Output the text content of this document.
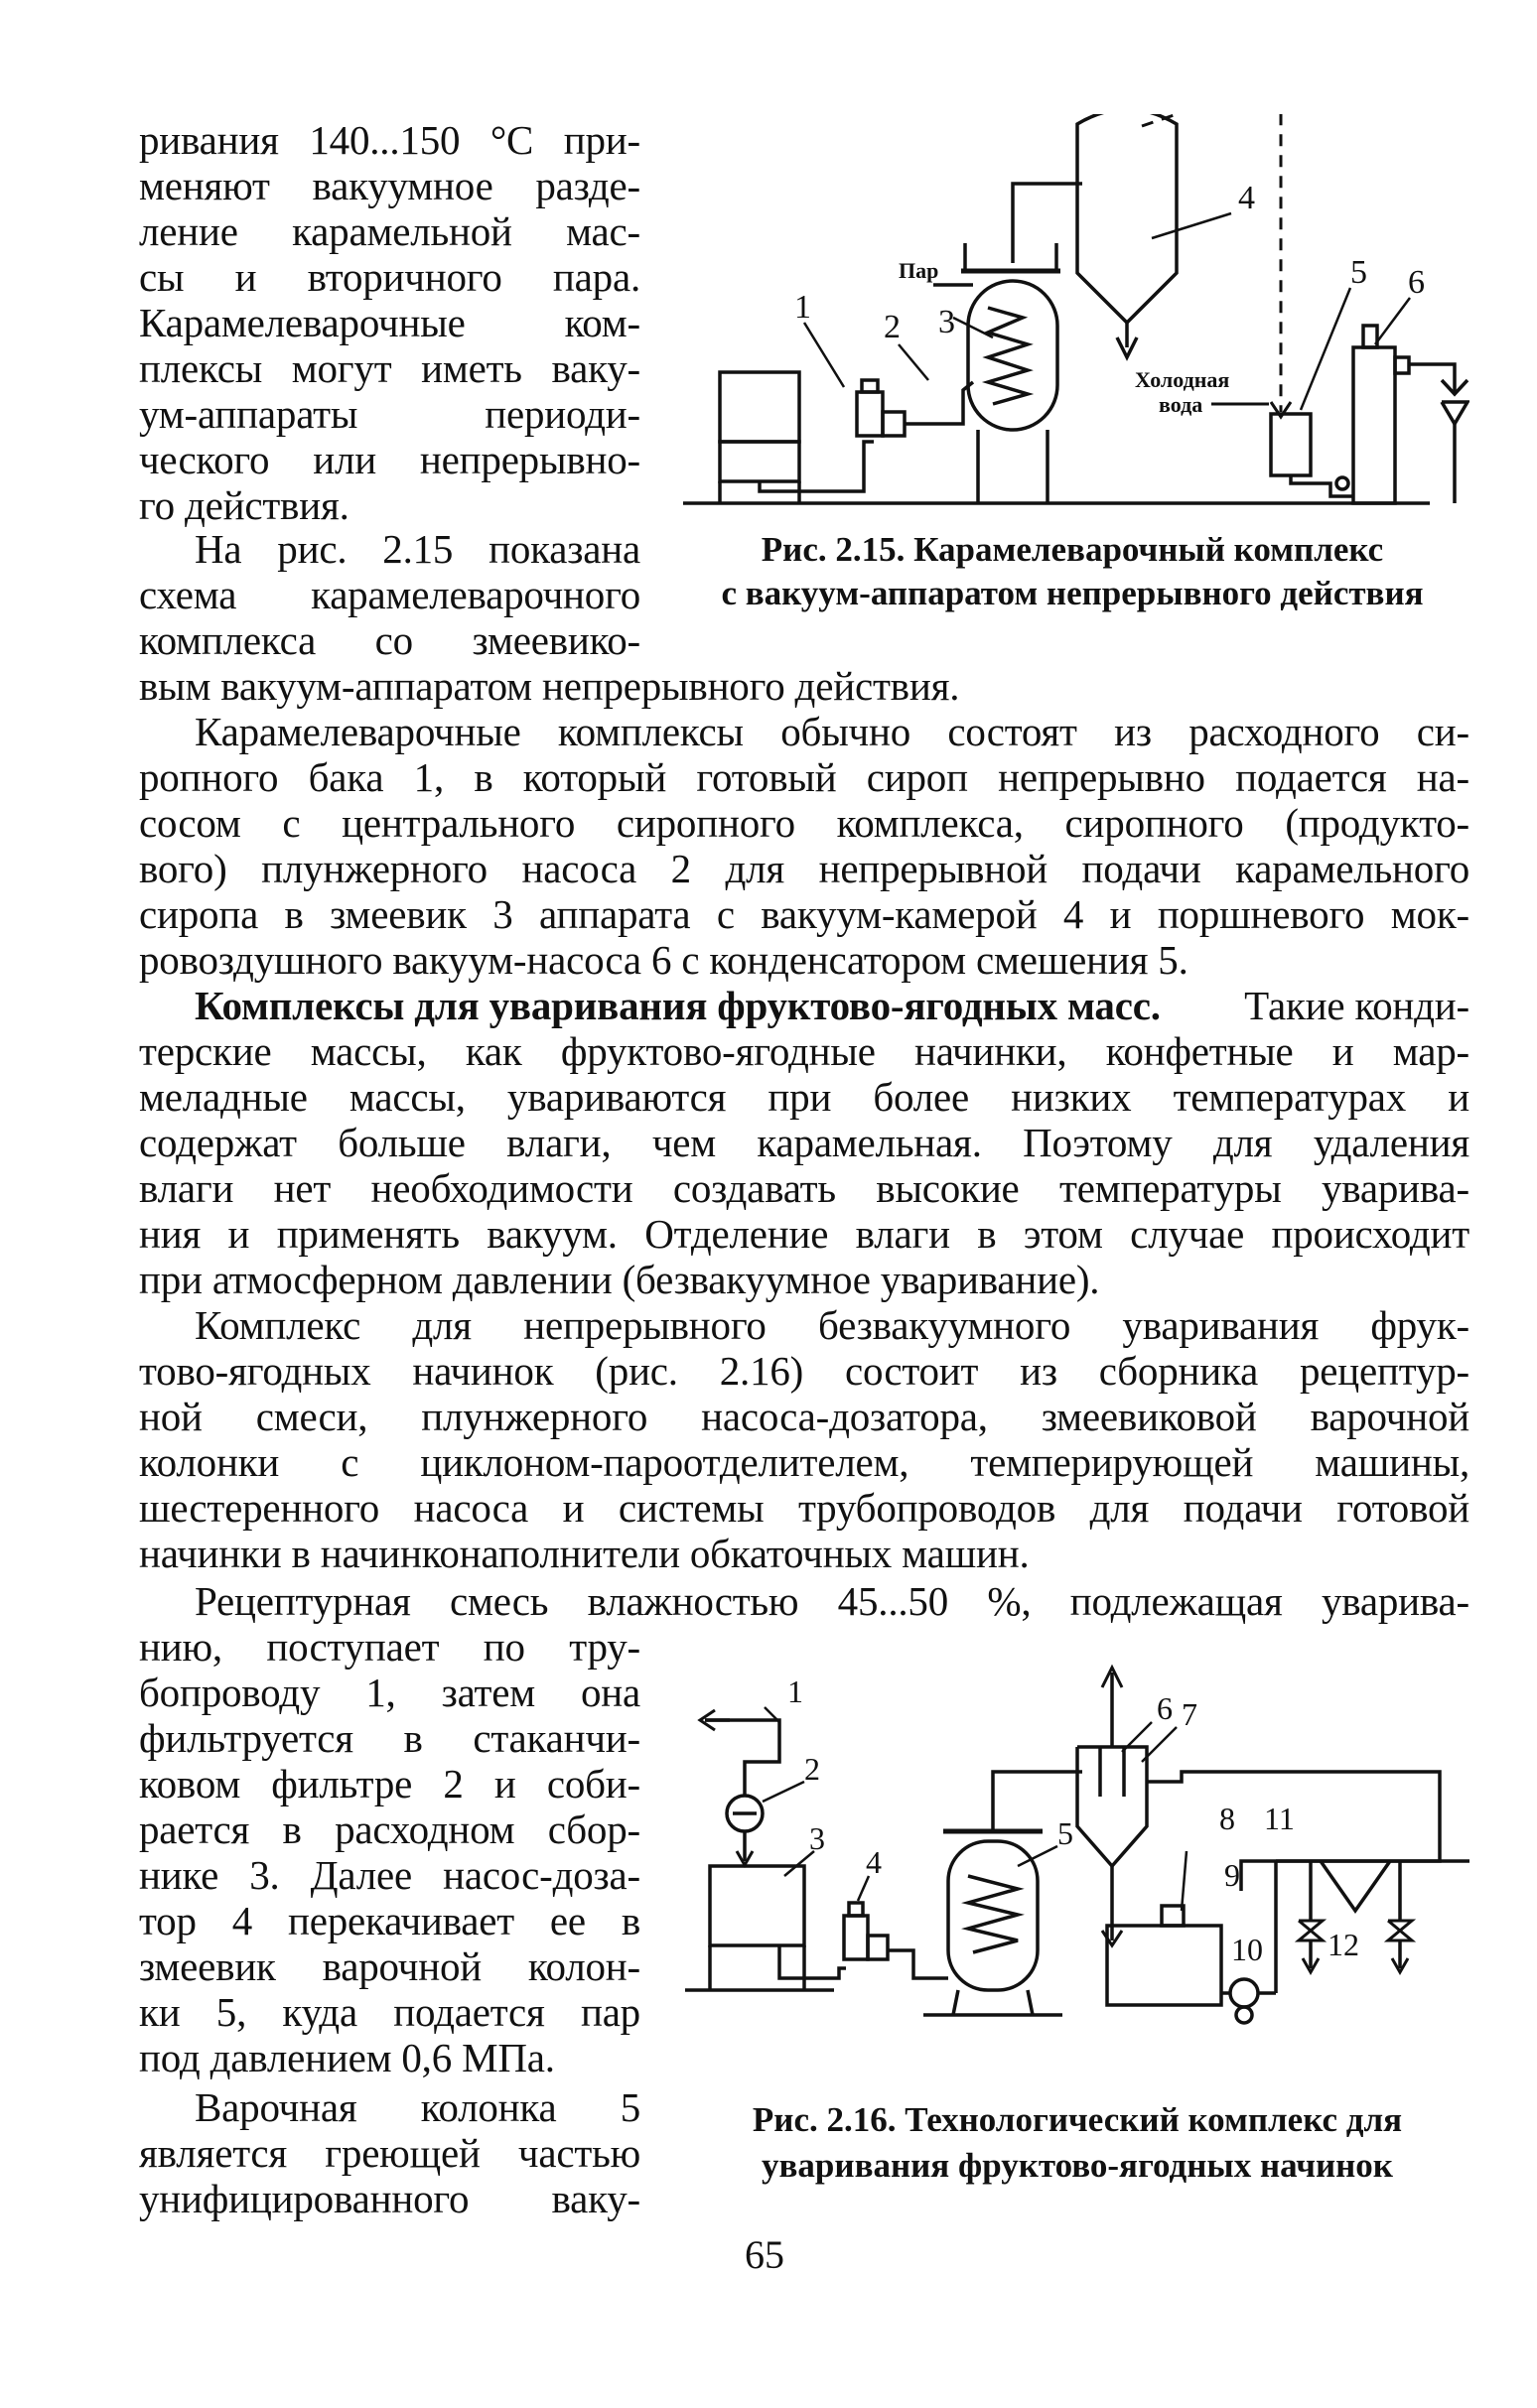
ривания 140...150 °С при-
меняют вакуумное разде-
ление карамельной мас-
сы и вторичного пара.
Карамелеварочные ком-
плексы могут иметь ваку-
ум-аппараты периоди-
ческого или непрерывно-
го действия.
На рис. 2.15 показана
схема карамелеварочного
комплекса со змеевико-
вым вакуум-аппаратом непрерывного действия.
1
2 3
4
5 6
Пар
Холодная
вода
Рис. 2.15. Карамелеварочный комплекс
с вакуум-аппаратом непрерывного действия
Карамелеварочные комплексы обычно состоят из расходного си-
ропного бака 1, в который готовый сироп непрерывно подается на-
сосом с центрального сиропного комплекса, сиропного (продукто-
вого) плунжерного насоса 2 для непрерывной подачи карамельного
сиропа в змеевик 3 аппарата с вакуум-камерой 4 и поршневого мок-
ровоздушного вакуум-насоса 6 с конденсатором смешения 5.
Комплексы для уваривания фруктово-ягодных масс. Такие конди-
терские массы, как фруктово-ягодные начинки, конфетные и мар-
меладные массы, увариваются при более низких температурах и
содержат больше влаги, чем карамельная. Поэтому для удаления
влаги нет необходимости создавать высокие температуры уварива-
ния и применять вакуум. Отделение влаги в этом случае происходит
при атмосферном давлении (безвакуумное уваривание).
Комплекс для непрерывного безвакуумного уваривания фрук-
тово-ягодных начинок (рис. 2.16) состоит из сборника рецептур-
ной смеси, плунжерного насоса-дозатора, змеевиковой варочной
колонки с циклоном-пароотделителем, темперирующей машины,
шестеренного насоса и системы трубопроводов для подачи готовой
начинки в начинконаполнители обкаточных машин.
Рецептурная смесь влажностью 45...50 %, подлежащая уварива-
нию, поступает по тру-
бопроводу 1, затем она
фильтруется в стаканчи-
ковом фильтре 2 и соби-
рается в расходном сбор-
нике 3. Далее насос-доза-
тор 4 перекачивает ее в
змеевик варочной колон-
ки 5, куда подается пар
под давлением 0,6 МПа.
Варочная колонка 5
является греющей частью
унифицированного ваку-
1
2
3
4
5
6 7
8
9
10
11
12
Рис. 2.16. Технологический комплекс для
уваривания фруктово-ягодных начинок
65
